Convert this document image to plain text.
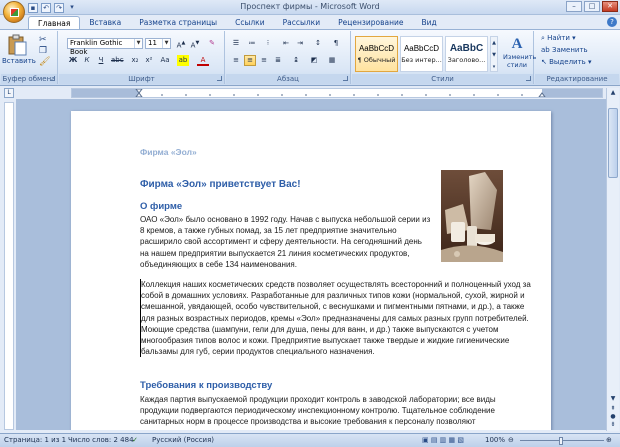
▪	↶ ↷	▾	Проспект фирмы - Microsoft Word	–	□	✕
Главная	Вставка	Разметка страницы	Ссылки	Рассылки	Рецензирование	Вид	?
Вставить
✂
❐
🖌
Буфер обмена
Franklin Gothic Book
▼	11	▼ A▲ A▼	✎
Ж	К	Ч	abc	x₂	x²	Aa ab	A
Шрифт
☰	≔	⁝	⇤	⇥	↕	¶
≡	≡	≡	≣	↨	◩	▦
Абзац	Стили
AaBbCcD
¶ Обычный
AaBbCcD
Без интер...
AaBbC
Заголово...
▲
▼
▾
A
Изменить стили
⌕ Найти ▾
ab Заменить
↖ Выделить ▾
Редактирование
L
Фирма «Эол»
Фирма «Эол» приветствует Вас!
О фирме

ОАО «Эол» было основано в 1992 году. Начав с выпуска небольшой серии из 8 кремов, а также губных помад, за 15 лет предприятие значительно расширило свой ассортимент и сферу деятельности. На сегодняшний день на нашем предприятии выпускается 21 линия косметических продуктов, объединяющих в себе 134 наименования.

Коллекция наших косметических средств позволяет осуществлять всесторонний и полноценный уход за собой в домашних условиях. Разработанные для различных типов кожи (нормальной, сухой, жирной и смешанной, увядающей, особо чувствительной, с веснушками и пигментными пятнами, и др.), а также для разных возрастных периодов, кремы «Эол» предназначены для самых разных групп потребителей. Моющие средства (шампуни, гели для душа, пены для ванн, и др.) также выпускаются с учетом многообразия типов волос и кожи. Предприятие выпускает также твердые и жидкие гигиенические бальзамы для губ, серии продуктов специального назначения.

Требования к производству

Каждая партия выпускаемой продукции проходит контроль в заводской лаборатории; все виды продукции подвергаются периодическому инспекционному контролю. Тщательное соблюдение санитарных норм в процессе производства и высокие требования к персоналу позволяют

▲
▼
⇞
●
⇟
Страница: 1 из 1 Число слов: 2 484
✓ Русский (Россия)	▣ ▤ ▥ ▦ ▧	100% ⊖	⊕
